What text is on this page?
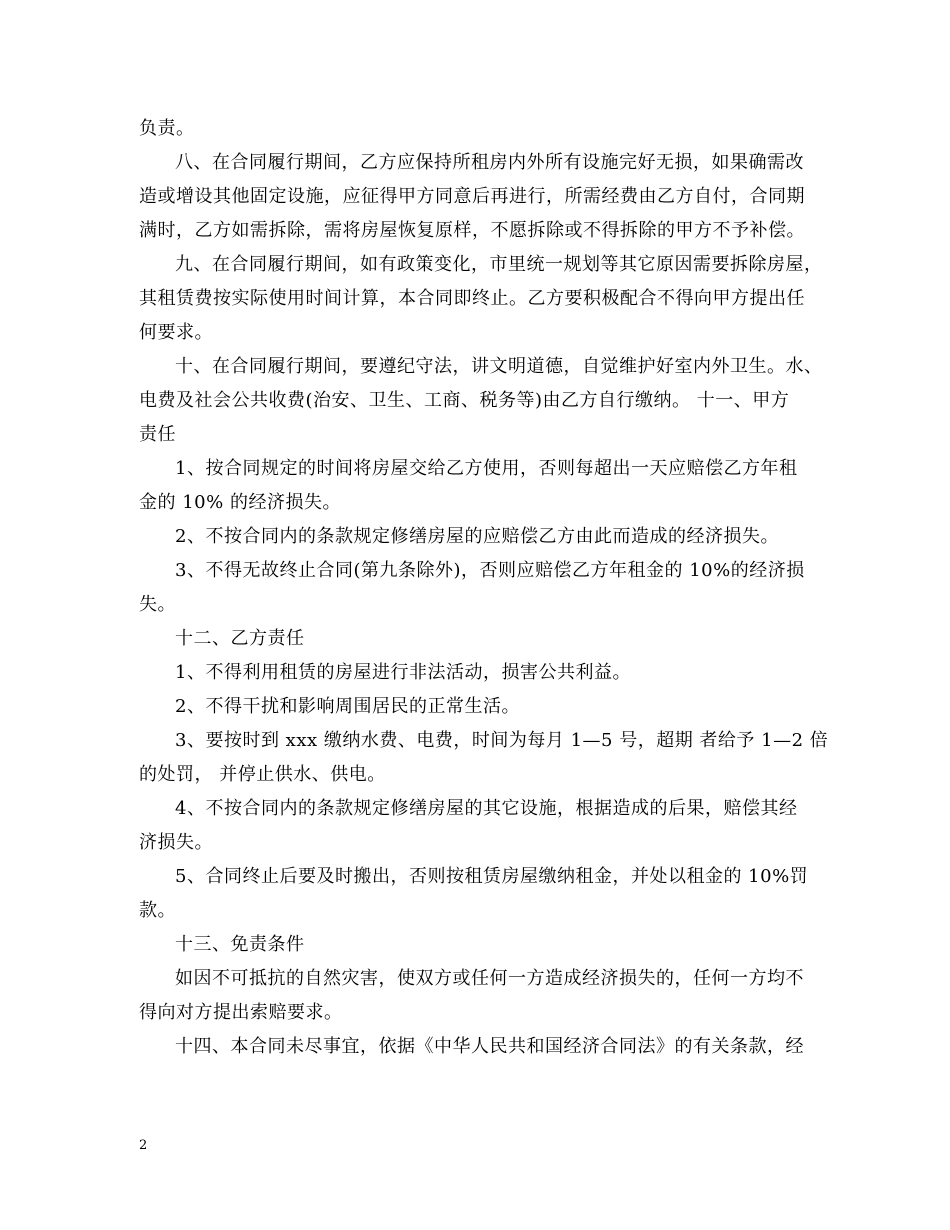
负责。
八、在合同履行期间，乙方应保持所租房内外所有设施完好无损，如果确需改
造或增设其他固定设施，应征得甲方同意后再进行，所需经费由乙方自付，合同期
满时，乙方如需拆除，需将房屋恢复原样，不愿拆除或不得拆除的甲方不予补偿。
九、在合同履行期间，如有政策变化，市里统一规划等其它原因需要拆除房屋，
其租赁费按实际使用时间计算，本合同即终止。乙方要积极配合不得向甲方提出任
何要求。
十、在合同履行期间，要遵纪守法，讲文明道德，自觉维护好室内外卫生。水、
电费及社会公共收费(治安、卫生、工商、税务等)由乙方自行缴纳。 十一、甲方
责任
1、按合同规定的时间将房屋交给乙方使用，否则每超出一天应赔偿乙方年租
金的 10% 的经济损失。
2、不按合同内的条款规定修缮房屋的应赔偿乙方由此而造成的经济损失。
3、不得无故终止合同(第九条除外)，否则应赔偿乙方年租金的 10%的经济损
失。
十二、乙方责任
1、不得利用租赁的房屋进行非法活动，损害公共利益。
2、不得干扰和影响周围居民的正常生活。
3、要按时到 xxx 缴纳水费、电费，时间为每月 1—5 号，超期 者给予 1—2 倍
的处罚， 并停止供水、供电。
4、不按合同内的条款规定修缮房屋的其它设施，根据造成的后果，赔偿其经
济损失。
5、合同终止后要及时搬出，否则按租赁房屋缴纳租金，并处以租金的 10%罚
款。
十三、免责条件
如因不可抵抗的自然灾害，使双方或任何一方造成经济损失的，任何一方均不
得向对方提出索赔要求。
十四、本合同未尽事宜，依据《中华人民共和国经济合同法》的有关条款，经
2
